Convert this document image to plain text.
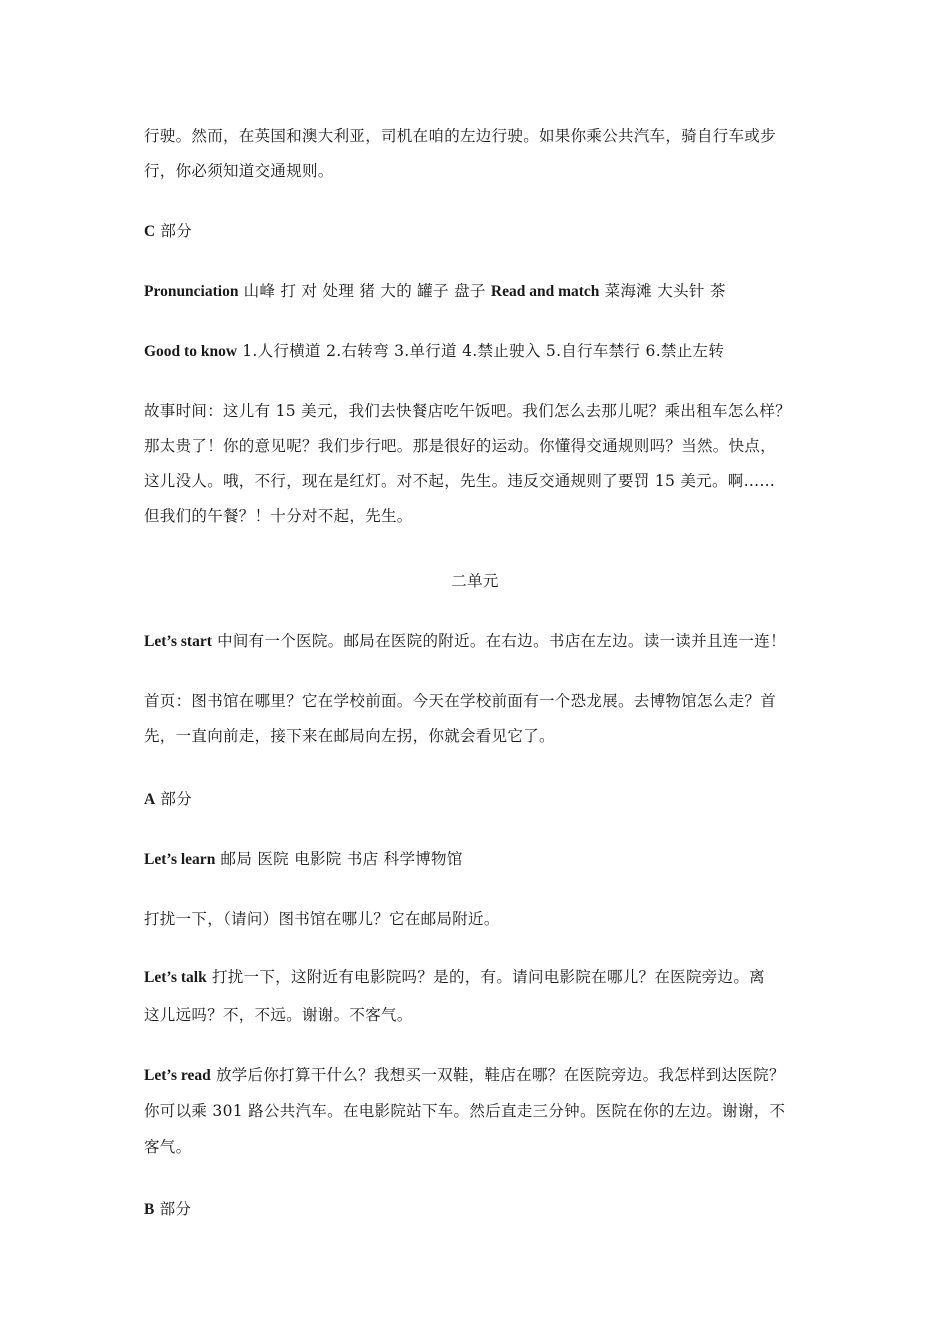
行驶。然而，在英国和澳大利亚，司机在咱的左边行驶。如果你乘公共汽车，骑自行车或步
行，你必须知道交通规则。
C 部分
Pronunciation 山峰 打 对 处理 猪 大的 罐子 盘子 Read and match 菜海滩 大头针 茶
Good to know 1.人行横道 2.右转弯 3.单行道 4.禁止驶入 5.自行车禁行 6.禁止左转
故事时间：这儿有 15 美元，我们去快餐店吃午饭吧。我们怎么去那儿呢？乘出租车怎么样？
那太贵了！你的意见呢？我们步行吧。那是很好的运动。你懂得交通规则吗？当然。快点，
这儿没人。哦，不行，现在是红灯。对不起，先生。违反交通规则了要罚 15 美元。啊……
但我们的午餐？！十分对不起，先生。
二单元
Let’s start 中间有一个医院。邮局在医院的附近。在右边。书店在左边。读一读并且连一连！
首页：图书馆在哪里？它在学校前面。今天在学校前面有一个恐龙展。去博物馆怎么走？首
先，一直向前走，接下来在邮局向左拐，你就会看见它了。
A 部分
Let’s learn 邮局 医院 电影院 书店 科学博物馆
打扰一下，（请问）图书馆在哪儿？它在邮局附近。
Let’s talk 打扰一下，这附近有电影院吗？是的，有。请问电影院在哪儿？在医院旁边。离
这儿远吗？不，不远。谢谢。不客气。
Let’s read 放学后你打算干什么？我想买一双鞋，鞋店在哪？在医院旁边。我怎样到达医院？
你可以乘 301 路公共汽车。在电影院站下车。然后直走三分钟。医院在你的左边。谢谢，不
客气。
B 部分
